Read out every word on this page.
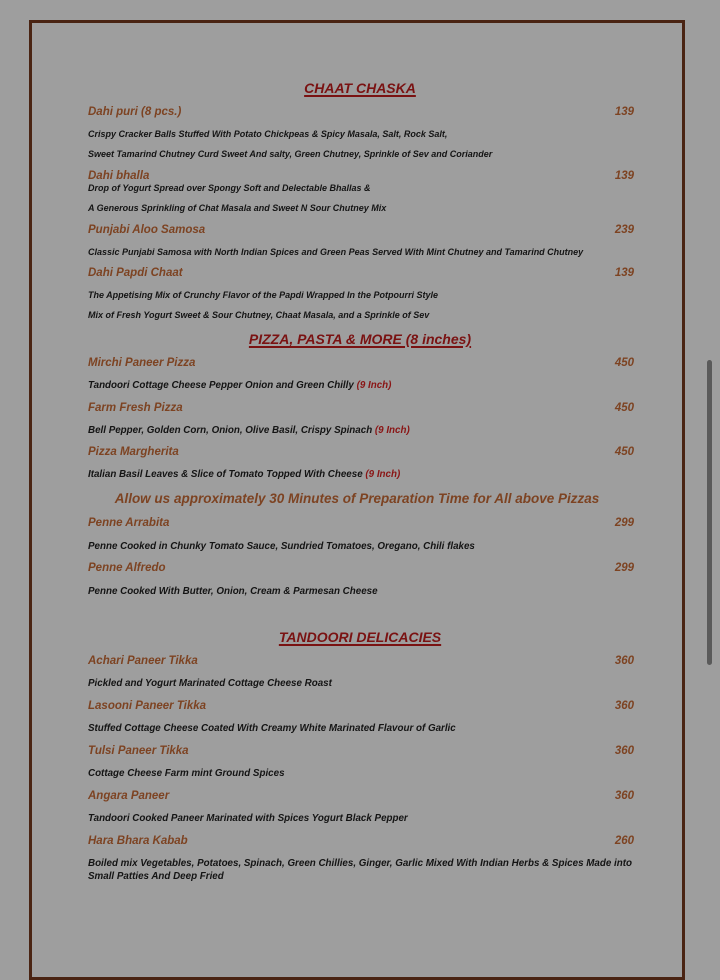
CHAAT CHASKA
Dahi puri (8 pcs.)	139
Crispy Cracker Balls Stuffed With Potato Chickpeas & Spicy Masala, Salt, Rock Salt,
Sweet Tamarind Chutney Curd Sweet And salty, Green Chutney, Sprinkle of Sev and Coriander
Dahi bhalla	139
Drop of Yogurt Spread over Spongy Soft and Delectable Bhallas &
A Generous Sprinkling of Chat Masala and Sweet N Sour Chutney Mix
Punjabi Aloo Samosa	239
Classic Punjabi Samosa with North Indian Spices and Green Peas Served With Mint Chutney and Tamarind Chutney
Dahi Papdi Chaat	139
The Appetising Mix of Crunchy Flavor of the Papdi Wrapped In the Potpourri Style
Mix of Fresh Yogurt Sweet & Sour Chutney, Chaat Masala, and a Sprinkle of Sev
PIZZA, PASTA & MORE (8 inches)
Mirchi Paneer Pizza	450
Tandoori Cottage Cheese Pepper Onion and Green Chilly (9 Inch)
Farm Fresh Pizza	450
Bell Pepper, Golden Corn, Onion, Olive Basil, Crispy Spinach (9 Inch)
Pizza Margherita	450
Italian Basil Leaves & Slice of Tomato Topped With Cheese (9 Inch)
Allow us approximately 30 Minutes of Preparation Time for All above Pizzas
Penne Arrabita	299
Penne Cooked in Chunky Tomato Sauce, Sundried Tomatoes, Oregano, Chili flakes
Penne Alfredo	299
Penne Cooked With Butter, Onion, Cream & Parmesan Cheese
TANDOORI DELICACIES
Achari Paneer Tikka	360
Pickled and Yogurt Marinated Cottage Cheese Roast
Lasooni Paneer Tikka	360
Stuffed Cottage Cheese Coated With Creamy White Marinated Flavour of Garlic
Tulsi Paneer Tikka	360
Cottage Cheese Farm mint Ground Spices
Angara Paneer	360
Tandoori Cooked Paneer Marinated with Spices Yogurt Black Pepper
Hara Bhara Kabab	260
Boiled mix Vegetables, Potatoes, Spinach, Green Chillies, Ginger, Garlic Mixed With Indian Herbs & Spices Made into Small Patties And Deep Fried
